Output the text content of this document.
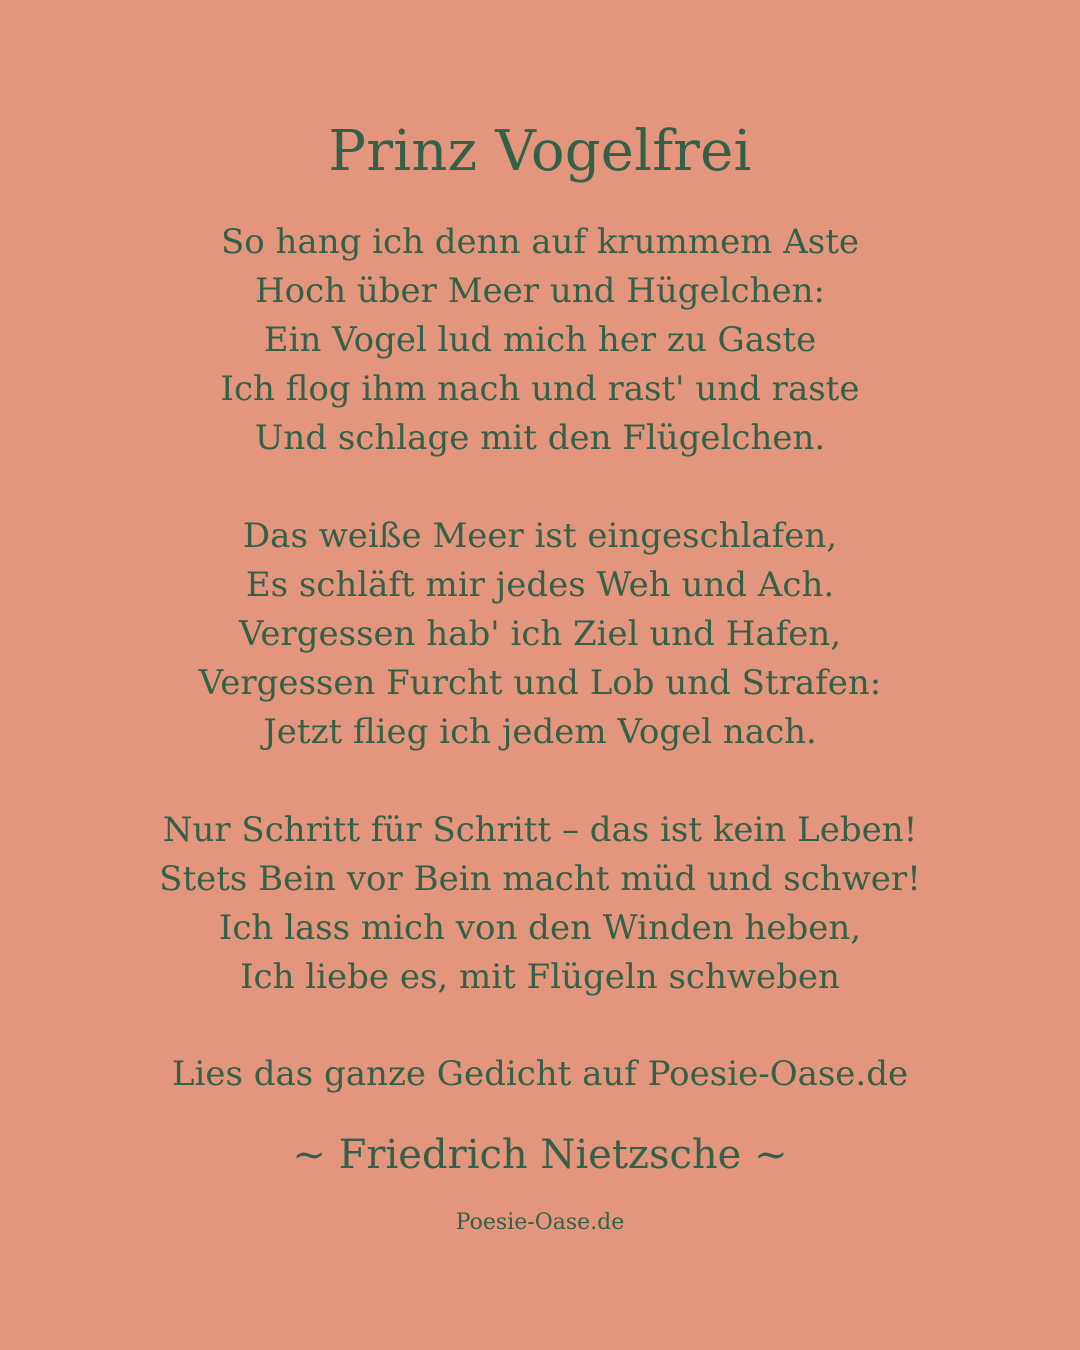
Prinz Vogelfrei
So hang ich denn auf krummem Aste
Hoch über Meer und Hügelchen:
Ein Vogel lud mich her zu Gaste
Ich flog ihm nach und rast' und raste
Und schlage mit den Flügelchen.
Das weiße Meer ist eingeschlafen,
Es schläft mir jedes Weh und Ach.
Vergessen hab' ich Ziel und Hafen,
Vergessen Furcht und Lob und Strafen:
Jetzt flieg ich jedem Vogel nach.
Nur Schritt für Schritt – das ist kein Leben!
Stets Bein vor Bein macht müd und schwer!
Ich lass mich von den Winden heben,
Ich liebe es, mit Flügeln schweben

Lies das ganze Gedicht auf Poesie-Oase.de

~ Friedrich Nietzsche ~

Poesie-Oase.de
